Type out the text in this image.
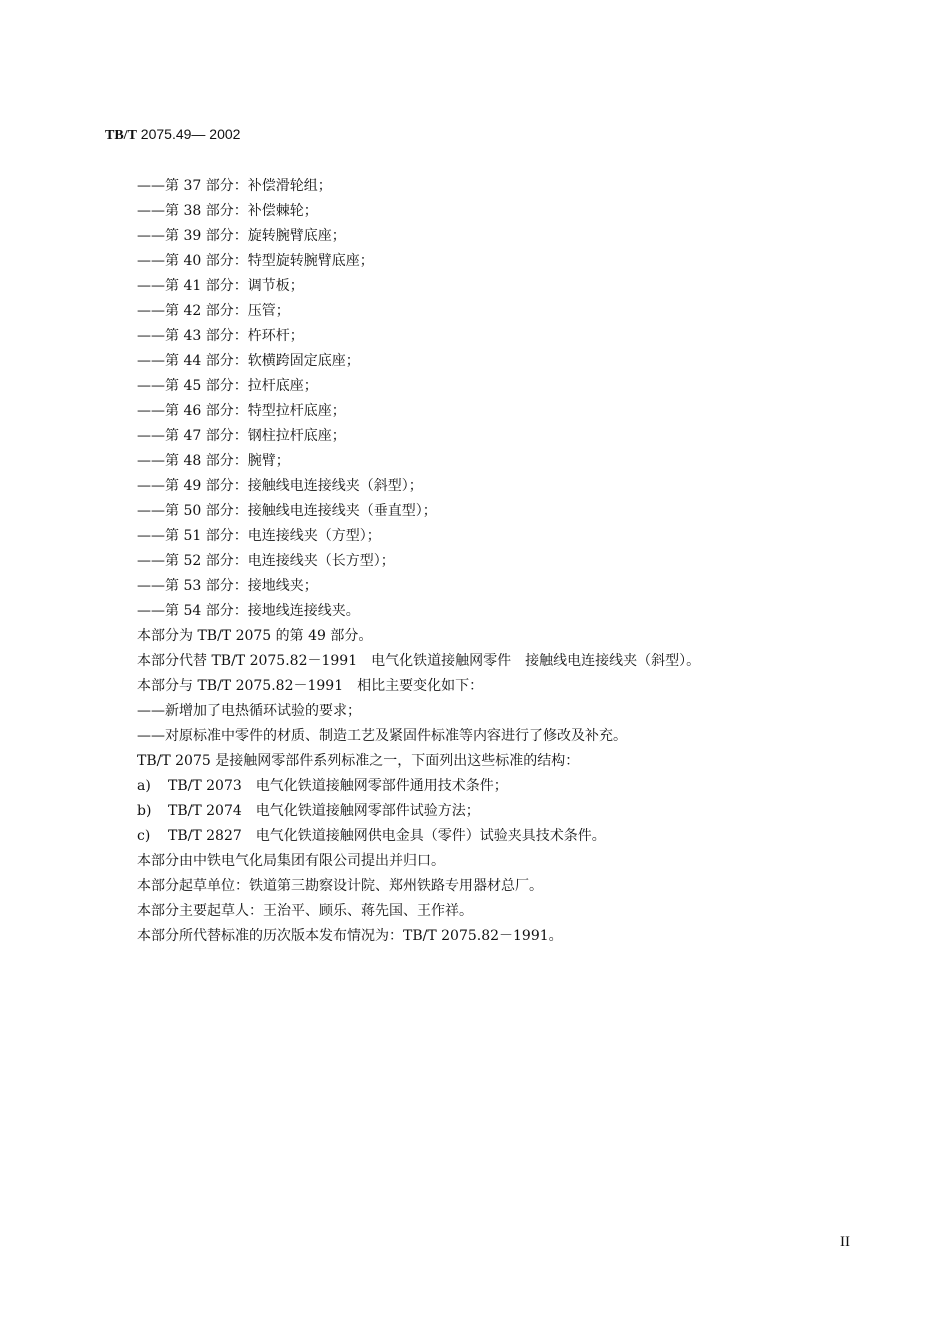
TB/T 2075.49— 2002
——第 37 部分：补偿滑轮组；
——第 38 部分：补偿棘轮；
——第 39 部分：旋转腕臂底座；
——第 40 部分：特型旋转腕臂底座；
——第 41 部分：调节板；
——第 42 部分：压管；
——第 43 部分：杵环杆；
——第 44 部分：软横跨固定底座；
——第 45 部分：拉杆底座；
——第 46 部分：特型拉杆底座；
——第 47 部分：钢柱拉杆底座；
——第 48 部分：腕臂；
——第 49 部分：接触线电连接线夹（斜型）；
——第 50 部分：接触线电连接线夹（垂直型）；
——第 51 部分：电连接线夹（方型）；
——第 52 部分：电连接线夹（长方型）；
——第 53 部分：接地线夹；
——第 54 部分：接地线连接线夹。
本部分为 TB/T 2075 的第 49 部分。
本部分代替 TB/T 2075.82－1991　电气化铁道接触网零件　接触线电连接线夹（斜型）。
本部分与 TB/T 2075.82－1991　相比主要变化如下：
——新增加了电热循环试验的要求；
——对原标准中零件的材质、制造工艺及紧固件标准等内容进行了修改及补充。
TB/T 2075 是接触网零部件系列标准之一，下面列出这些标准的结构：
a) TB/T 2073　电气化铁道接触网零部件通用技术条件；
b) TB/T 2074　电气化铁道接触网零部件试验方法；
c) TB/T 2827　电气化铁道接触网供电金具（零件）试验夹具技术条件。
本部分由中铁电气化局集团有限公司提出并归口。
本部分起草单位：铁道第三勘察设计院、郑州铁路专用器材总厂。
本部分主要起草人：王治平、顾乐、蒋先国、王作祥。
本部分所代替标准的历次版本发布情况为：TB/T 2075.82－1991。
II
